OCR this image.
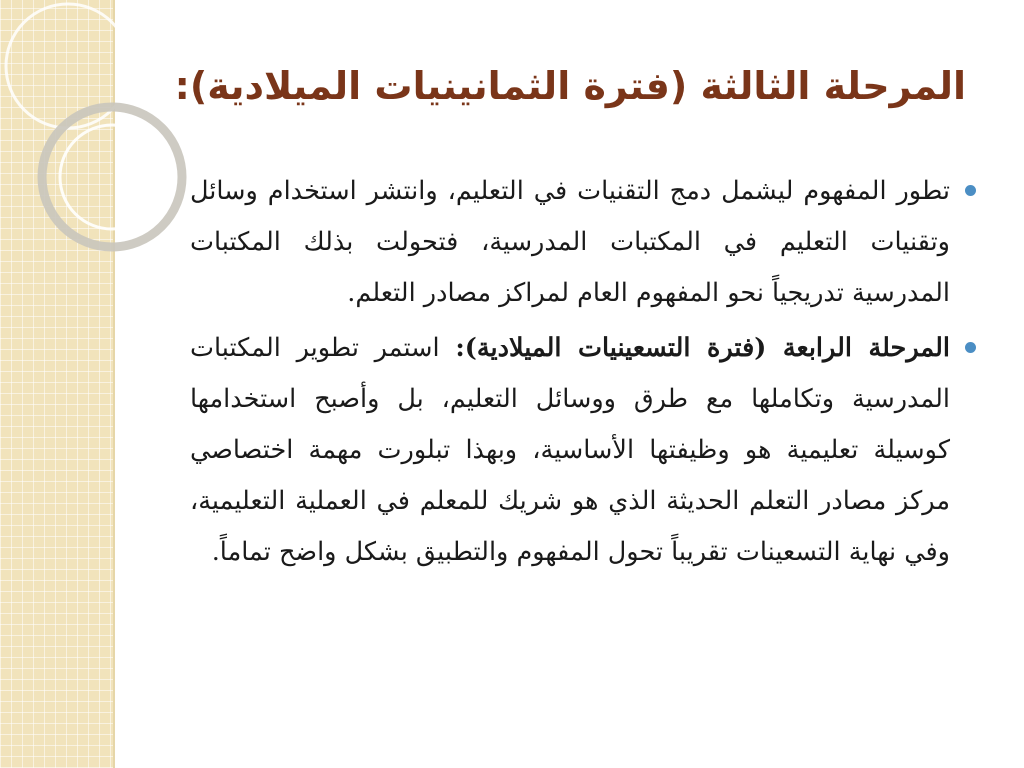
المرحلة الثالثة (فترة الثمانينيات الميلادية):
تطور المفهوم ليشمل دمج التقنيات في التعليم، وانتشر استخدام وسائل وتقنيات التعليم في المكتبات المدرسية، فتحولت بذلك المكتبات المدرسية تدريجياً نحو المفهوم العام لمراكز مصادر التعلم.
المرحلة الرابعة (فترة التسعينيات الميلادية): استمر تطوير المكتبات المدرسية وتكاملها مع طرق ووسائل التعليم، بل وأصبح استخدامها كوسيلة تعليمية هو وظيفتها الأساسية، وبهذا تبلورت مهمة اختصاصي مركز مصادر التعلم الحديثة الذي هو شريك للمعلم في العملية التعليمية، وفي نهاية التسعينات تقريباً تحول المفهوم والتطبيق بشكل واضح تماماً.
